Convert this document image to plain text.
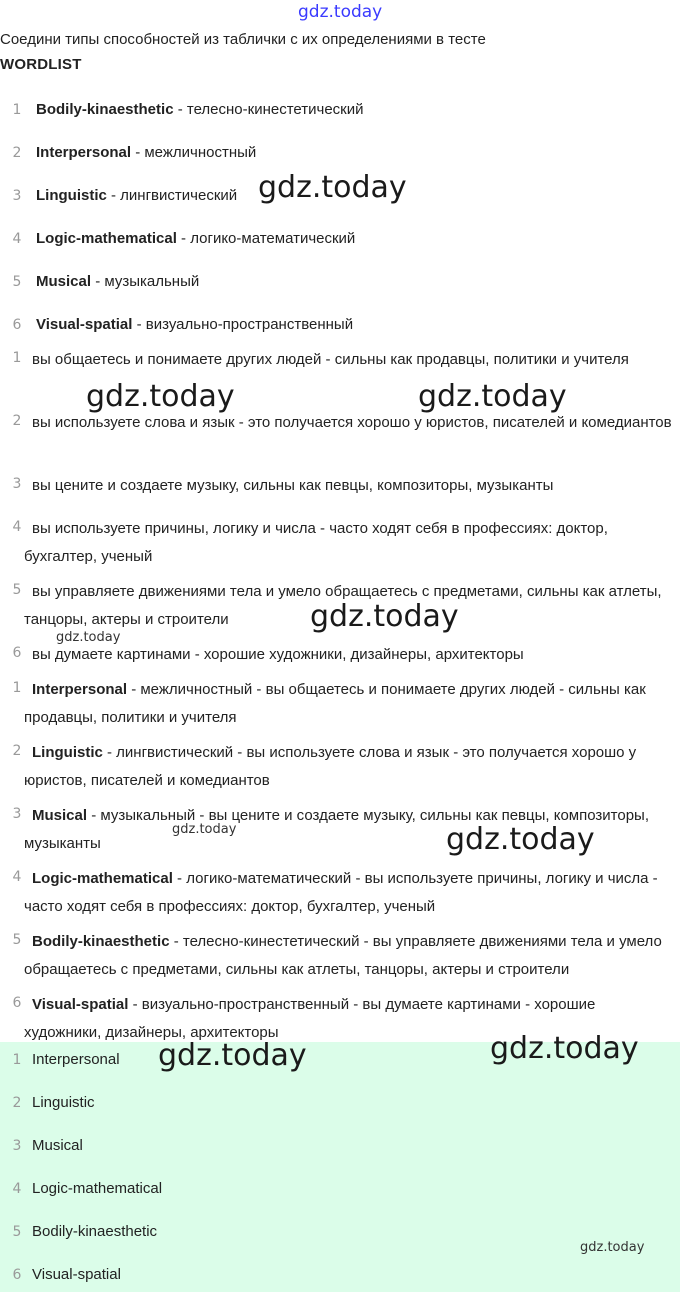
gdz.today
Соедини типы способностей из таблички с их определениями в тесте
WORDLIST
1 Bodily-kinaesthetic - телесно-кинестетический
2 Interpersonal - межличностный
3 Linguistic - лингвистический
4 Logic-mathematical - логико-математический
5 Musical - музыкальный
6 Visual-spatial - визуально-пространственный
1 вы общаетесь и понимаете других людей - сильны как продавцы, политики и учителя
2 вы используете слова и язык - это получается хорошо у юристов, писателей и комедиантов
3 вы цените и создаете музыку, сильны как певцы, композиторы, музыканты
4 вы используете причины, логику и числа - часто ходят себя в профессиях: доктор, бухгалтер, ученый
5 вы управляете движениями тела и умело обращаетесь с предметами, сильны как атлеты, танцоры, актеры и строители
6 вы думаете картинами - хорошие художники, дизайнеры, архитекторы
1 Interpersonal - межличностный - вы общаетесь и понимаете других людей - сильны как продавцы, политики и учителя
2 Linguistic - лингвистический - вы используете слова и язык - это получается хорошо у юристов, писателей и комедиантов
3 Musical - музыкальный - вы цените и создаете музыку, сильны как певцы, композиторы, музыканты
4 Logic-mathematical - логико-математический - вы используете причины, логику и числа - часто ходят себя в профессиях: доктор, бухгалтер, ученый
5 Bodily-kinaesthetic - телесно-кинестетический - вы управляете движениями тела и умело обращаетесь с предметами, сильны как атлеты, танцоры, актеры и строители
6 Visual-spatial - визуально-пространственный - вы думаете картинами - хорошие художники, дизайнеры, архитекторы
1 Interpersonal
2 Linguistic
3 Musical
4 Logic-mathematical
5 Bodily-kinaesthetic
6 Visual-spatial
gdz.today
gdz.today	gdz.today
gdz.today
gdz.today
gdz.today	gdz.today
gdz.today	gdz.today
gdz.today
